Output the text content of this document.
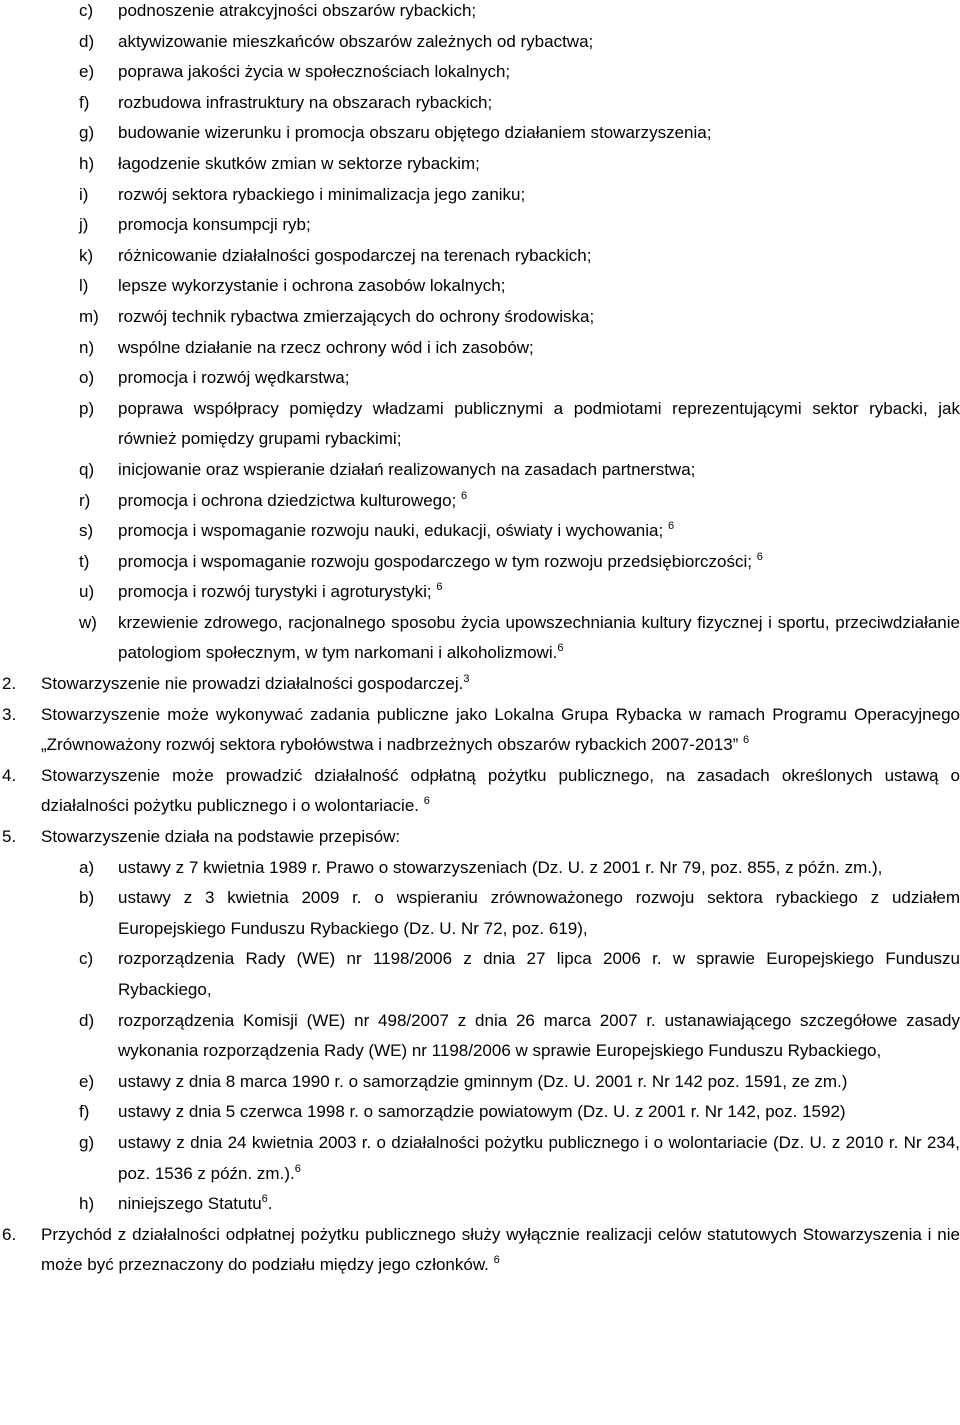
c) podnoszenie atrakcyjności obszarów rybackich;
d) aktywizowanie mieszkańców obszarów zależnych od rybactwa;
e) poprawa jakości życia w społecznościach lokalnych;
f) rozbudowa infrastruktury na obszarach rybackich;
g) budowanie wizerunku i promocja obszaru objętego działaniem stowarzyszenia;
h) łagodzenie skutków zmian w sektorze rybackim;
i) rozwój sektora rybackiego i minimalizacja jego zaniku;
j) promocja konsumpcji ryb;
k) różnicowanie działalności gospodarczej na terenach rybackich;
l) lepsze wykorzystanie i ochrona zasobów lokalnych;
m) rozwój technik rybactwa zmierzających do ochrony środowiska;
n) wspólne działanie na rzecz ochrony wód i ich zasobów;
o) promocja i rozwój wędkarstwa;
p) poprawa współpracy pomiędzy władzami publicznymi a podmiotami reprezentującymi sektor rybacki, jak również pomiędzy grupami rybackimi;
q) inicjowanie oraz wspieranie działań realizowanych na zasadach partnerstwa;
r) promocja i ochrona dziedzictwa kulturowego; $^6$
s) promocja i wspomaganie rozwoju nauki, edukacji, oświaty i wychowania; $^6$
t) promocja i wspomaganie rozwoju gospodarczego w tym rozwoju przedsiębiorczości; $^6$
u) promocja i rozwój turystyki i agroturystyki; $^6$
w) krzewienie zdrowego, racjonalnego sposobu życia upowszechniania kultury fizycznej i sportu, przeciwdziałanie patologiom społecznym, w tym narkomani i alkoholizmowi.$^6$
2. Stowarzyszenie nie prowadzi działalności gospodarczej.$^3$
3. Stowarzyszenie może wykonywać zadania publiczne jako Lokalna Grupa Rybacka w ramach Programu Operacyjnego „Zrównoważony rozwój sektora rybołówstwa i nadbrzeżnych obszarów rybackich 2007-2013” $^6$
4. Stowarzyszenie może prowadzić działalność odpłatną pożytku publicznego, na zasadach określonych ustawą o działalności pożytku publicznego i o wolontariacie. $^6$
5. Stowarzyszenie działa na podstawie przepisów:
a) ustawy z 7 kwietnia 1989 r. Prawo o stowarzyszeniach (Dz. U. z 2001 r. Nr 79, poz. 855, z późn. zm.),
b) ustawy z 3 kwietnia 2009 r. o wspieraniu zrównoważonego rozwoju sektora rybackiego z udziałem Europejskiego Funduszu Rybackiego (Dz. U. Nr 72, poz. 619),
c) rozporządzenia Rady (WE) nr 1198/2006 z dnia 27 lipca 2006 r. w sprawie Europejskiego Funduszu Rybackiego,
d) rozporządzenia Komisji (WE) nr 498/2007 z dnia 26 marca 2007 r. ustanawiającego szczegółowe zasady wykonania rozporządzenia Rady (WE) nr 1198/2006 w sprawie Europejskiego Funduszu Rybackiego,
e) ustawy z dnia 8 marca 1990 r. o samorządzie gminnym (Dz. U. 2001 r. Nr 142 poz. 1591, ze zm.)
f) ustawy z dnia 5 czerwca 1998 r. o samorządzie powiatowym (Dz. U. z 2001 r. Nr 142, poz. 1592)
g) ustawy z dnia 24 kwietnia 2003 r. o działalności pożytku publicznego i o wolontariacie (Dz. U. z 2010 r. Nr 234, poz. 1536 z późn. zm.).$^6$
h) niniejszego Statutu$^6$.
6. Przychód z działalności odpłatnej pożytku publicznego służy wyłącznie realizacji celów statutowych Stowarzyszenia i nie może być przeznaczony do podziału między jego członków. $^6$
